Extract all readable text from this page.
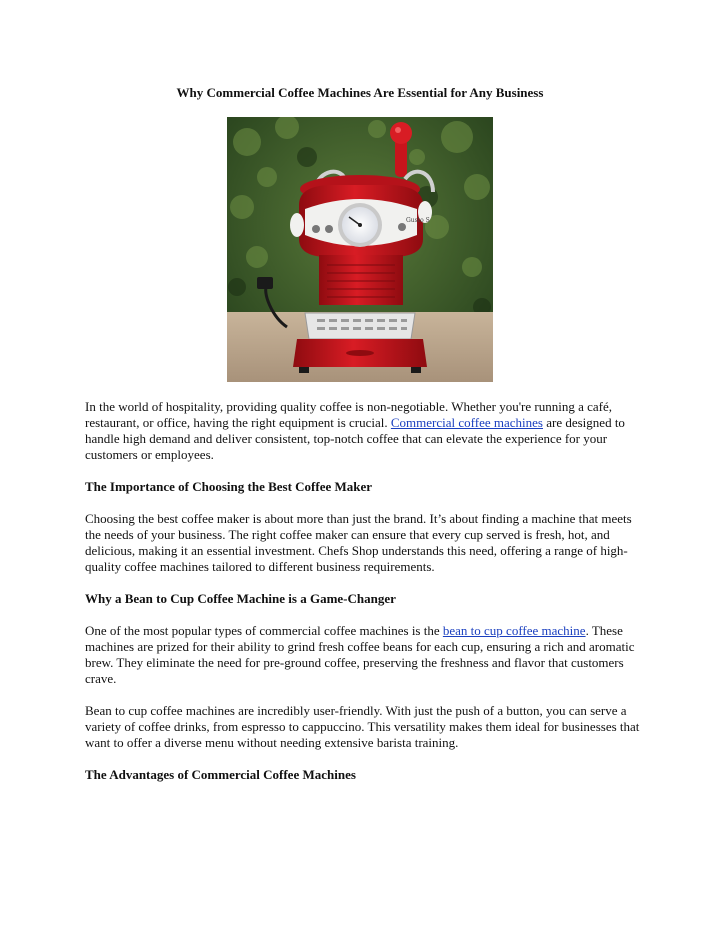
Why Commercial Coffee Machines Are Essential for Any Business
Gusto S

In the world of hospitality, providing quality coffee is non-negotiable. Whether you're running a café, restaurant, or office, having the right equipment is crucial. Commercial coffee machines are designed to handle high demand and deliver consistent, top-notch coffee that can elevate the experience for your customers or employees.

The Importance of Choosing the Best Coffee Maker

Choosing the best coffee maker is about more than just the brand. It’s about finding a machine that meets the needs of your business. The right coffee maker can ensure that every cup served is fresh, hot, and delicious, making it an essential investment. Chefs Shop understands this need, offering a range of high-quality coffee machines tailored to different business requirements.

Why a Bean to Cup Coffee Machine is a Game-Changer

One of the most popular types of commercial coffee machines is the bean to cup coffee machine. These machines are prized for their ability to grind fresh coffee beans for each cup, ensuring a rich and aromatic brew. They eliminate the need for pre-ground coffee, preserving the freshness and flavor that customers crave.

Bean to cup coffee machines are incredibly user-friendly. With just the push of a button, you can serve a variety of coffee drinks, from espresso to cappuccino. This versatility makes them ideal for businesses that want to offer a diverse menu without needing extensive barista training.

The Advantages of Commercial Coffee Machines
